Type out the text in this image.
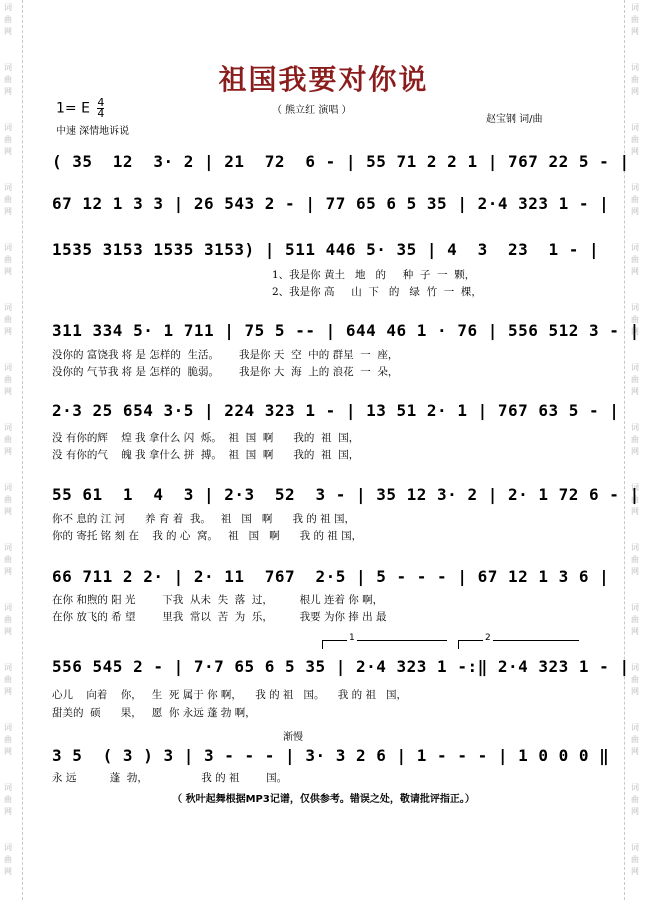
祖国我要对你说
1= E $\frac{4}{4}$
中速 深情地诉说
（ 熊立红 演唱 ）
赵宝钢 词/曲
( 35  12  3· 2 | 21  72  6 - | 55 71 2 2 1 | 767 22 5 - |
67 12 1 3 3 | 26 543 2 - | 77 65 6 5 35 | 2·4 323 1 - |
1535 3153 1535 3153) | 511 446 5· 35 | 4  3  23  1 - |
1、我是你 黄土   地   的     种  子  一  颗，
2、我是你 高     山  下   的   绿  竹  一  棵，
311 334 5· 1 711 | 75 5 -- | 644 46 1 · 76 | 556 512 3 - |
没你的 富饶我 将 是 怎样的  生活。      我是你 天  空  中的 群星  一  座，
没你的 气节我 将 是 怎样的  脆弱。      我是你 大  海  上的 浪花  一  朵，
2·3 25 654 3·5 | 224 323 1 - | 13 51 2· 1 | 767 63 5 - |
没 有你的辉    煌 我 拿什么 闪  烁。  祖  国  啊      我的  祖  国，
没 有你的气    魄 我 拿什么 拼  搏。  祖  国  啊      我的  祖  国，
55 61  1  4  3 | 2·3  52  3 - | 35 12 3· 2 | 2· 1 72 6 - |
你不 息的 江 河      养 育 着  我。   祖   国   啊      我 的 祖 国，
你的 寄托 铭 刻 在    我 的 心  窝。   祖   国   啊      我 的 祖 国，
66 711 2 2· | 2· 11  767  2·5 | 5 - - - | 67 12 1 3 6 |
在你 和煦的 阳 光        下我  从未  失  落  过，        根儿 连着 你 啊，
在你 放飞的 希 望        里我  常以  苦  为  乐，        我要 为你 捧 出 最
1	2
556 545 2 - | 7·7 65 6 5 35 | 2·4 323 1 -:‖ 2·4 323 1 - |
心儿    向着    你，   生  死 属于 你 啊，    我 的 祖   国。    我 的 祖   国，
甜美的  硕      果，   愿  你 永远 蓬 勃 啊，
渐慢
3 5  ( 3 ) 3 | 3 - - - | 3· 3 2 6 | 1 - - - | 1 0 0 0 ‖
永 远          蓬  勃，                我 的 祖        国。
（ 秋叶起舞根据MP3记谱，仅供参考。错误之处，敬请批评指正。）
